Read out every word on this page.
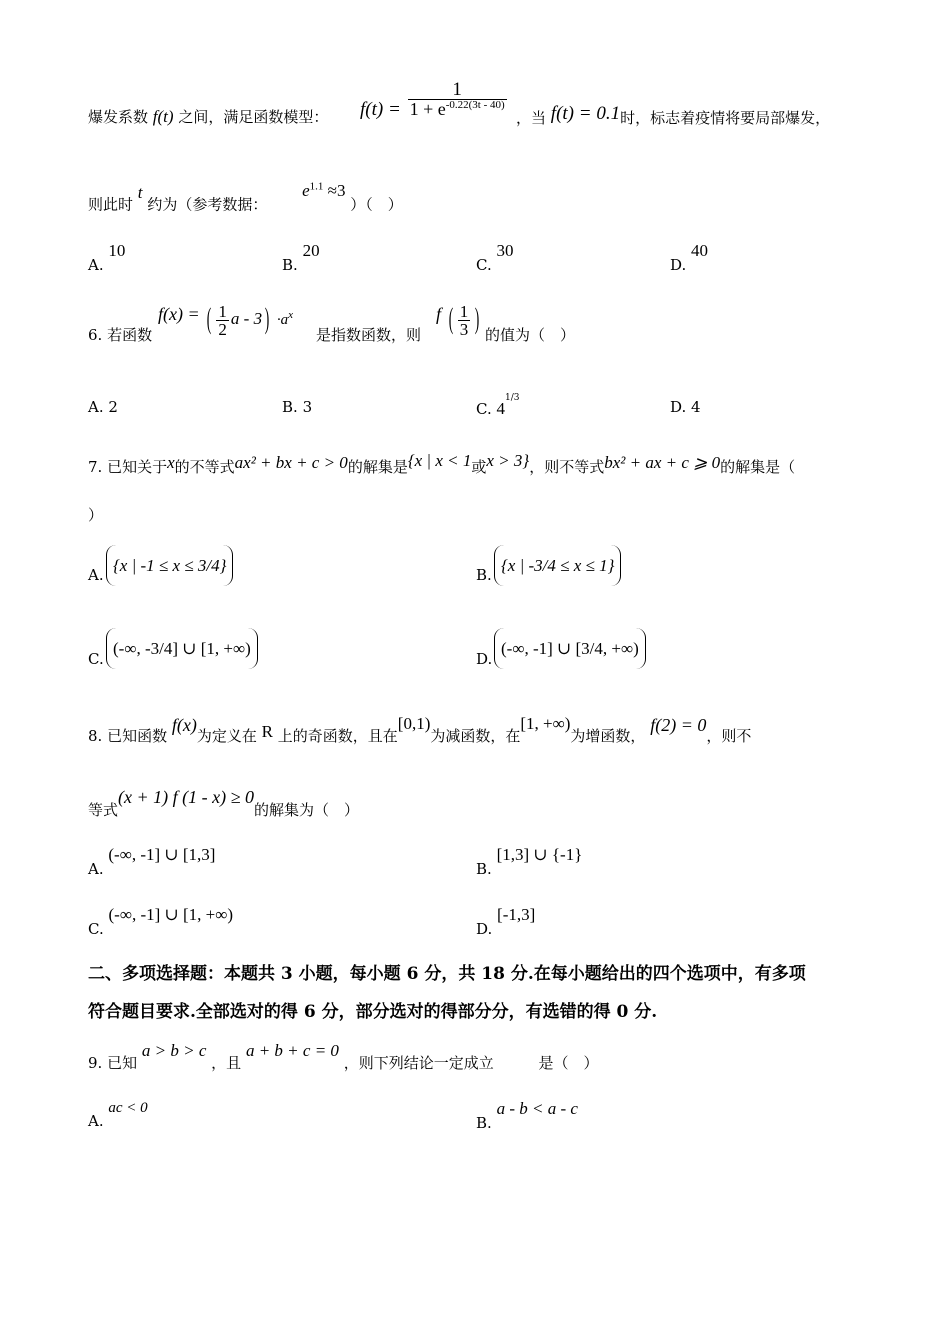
爆发系数 f(t) 之间，满足函数模型： $f(t) = \frac{1}{1 + e^{-0.22(3t - 40)}}$ ，当 f(t) = 0.1时，标志着疫情将要局部爆发，
则此时 t 约为（参考数据： $e^{1.1} \approx 3$ ）（　）
A. 10
B. 20
C. 30
D. 40
6. 若函数
f(x) = ( $\frac{1}{2}$ $a - 3) \cdot a^x$
是指数函数，则
f ( $\frac{1}{3}$ ) 的值为（　）
A. 2	B. 3	C. $4^{1/3}$	D. 4
7. 已知关于x的不等式ax² + bx + c > 0的解集是{x | x < 1或x > 3}，则不等式bx² + ax + c ⩾ 0的解集是（
）
A. {x | -1 ≤ x ≤ 3/4}	B. {x | -3/4 ≤ x ≤ 1}
C.
(-∞, -3/4] ∪ [1, +∞)
D.
(-∞, -1] ∪ [3/4, +∞)
8. 已知函数 f(x)为定义在 R 上的奇函数，且在[0,1)为减函数，在[1, +∞)为增函数， f(2) = 0，则不
等式(x + 1) f (1 - x) ≥ 0的解集为（　）
A. (-∞, -1] ∪ [1,3]
B. [1,3] ∪ {-1}
C. (-∞, -1] ∪ [1, +∞)
D. [-1,3]
二、多项选择题：本题共 3 小题，每小题 6 分，共 18 分.在每小题给出的四个选项中，有多项
符合题目要求.全部选对的得 6 分，部分选对的得部分分，有选错的得 0 分.
9. 已知 a > b > c ，且 a + b + c = 0 ，则下列结论一定成立	是（　）
A. ac < 0
B. a - b < a - c
